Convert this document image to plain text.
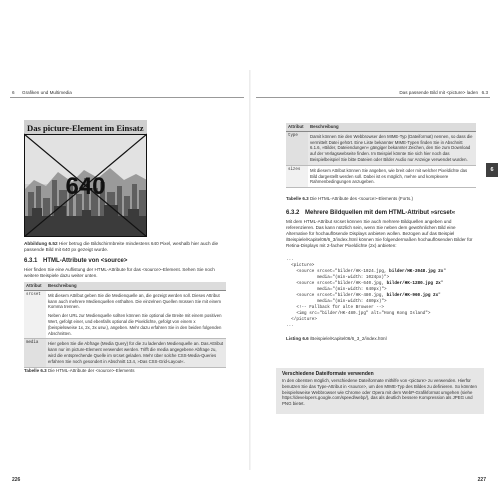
6 Grafiken und Multimedia
226
Das picture-Element im Einsatz
640
Abbildung 6.52 Hier betrug die Bildschirmbreite mindestens 640 Pixel, weshalb hier auch die passende Bild mit 640 px gezeigt wurde.
6.3.1 HTML-Attribute von <source>
Hier finden Sie eine Auflistung der HTML-Attribute für das <source>-Element. Sehen Sie noch weitere Beispiele dazu weiter unten.
Attribut	Beschreibung
srcset	Mit diesem Attribut geben Sie die Medienquelle an, die gezeigt werden soll. Dieses Attribut kann auch mehrere Medienquellen enthalten. Die einzelnen Quellen müssen Sie mit einem Komma trennen.
Neben der URL zur Medienquelle sollten können Sie optional die Breite mit einem positiven Wert, gefolgt einer, und ebenfalls optional die Pixeldichte, gefolgt von einem x (beispielsweise 1x, 2x, 3x usw.), angeben. Mehr dazu erfahren Sie in den beiden folgenden Abschnitten.

media	Hier geben Sie die Abfrage (Media Query) für die zu ladenden Medienquelle an. Das Attribut kann nur im picture-Element verwendet werden. Trifft die media angegebene Abfrage zu, wird die entsprechende Quelle im srcset geladen. Mehr über solche CSS-Media-Queries erfahren Sie noch gesondert in Abschnitt 13.4, »Das CSS-Grid-Layout«.
Tabelle 6.3 Die HTML-Attribute der <source>-Elements
Das passende Bild mit <picture> laden 6.3
227
6
Attribut	Beschreibung
type	Damit können Sie den Webbrowser den MIME-Typ (Dateiformat) nennen, so dass die vermittelt Datei gehört. Eine Liste bekannter MIME-Typen finden Sie in Abschnitt 6.1.6, »Bilder, Dateiendungen« gängiger bekannter Zeichen, den Sie zum Download auf der Verlagswebseite finden. Im Beispiel könnte Sie sich hier noch das Beispielbeispiel Sie bitte Dateien oder Bilder Audio nur Anzeige verwendet wurden.
sizes	Mit diesem Attribut können Sie angeben, wie breit oder mit welcher Pixeldichte das Bild dargestellt werden soll. Dabei ist es möglich, mehre und komplexere Rahmenbedingungen anzugeben.
Tabelle 6.3 Die HTML-Attribute des <source>-Elements (Forts.)
6.3.2 Mehrere Bildquellen mit dem HTML-Attribut »srcset«
Mit dem HTML-Attribut srcset können Sie auch mehrere Bildquellen angeben und referenzieren. Das kann nützlich sein, wenn Sie neben dem gewöhnlichen Bild eine Alternative für hochauflösende Displays anbieten wollen. Bezogen auf das Beispiel /Beispiele/Kapitel06/6_3/index.html können Sie folgendermaßen hochauflösenden Bilder für Retina-Displays mit 2-facher Pixeldichte (2x) anbieten:
...
<picture>
<source srcset="bilder/HK-1024.jpg, bilder/HK-2048.jpg 2x"
media="(min-width: 1024px)">
<source srcset="bilder/HK-640.jpg, bilder/HK-1280.jpg 2x"
media="(min-width: 640px)">
<source srcset="bilder/HK-480.jpg, bilder/HK-960.jpg 2x"
media="(min-width: 480px)">
<!-- Fallback für alte Browser -->
<img src="bilder/HK-480.jpg" alt="Hong Kong Island">
</picture>
...
Listing 6.6 /Beispiele/Kapitel06/6_3_2/index.html
Verschiedene Dateiformate verwenden
In den obersten möglich, verschiedene Dateiformate mithilfe von <picture> zu verwenden. Hierfür benutzen Sie das Type-Attribut in <source>, um den MIME-Typ des Bildes zu definieren. So könnten beispielsweise Webbrowser wie Chrome oder Opera mit dem WebP-Grafikformat umgehen (siehe https://developers.google.com/speed/webp/), das als deutlich bessere Kompression als JPEG und PNG bietet.
